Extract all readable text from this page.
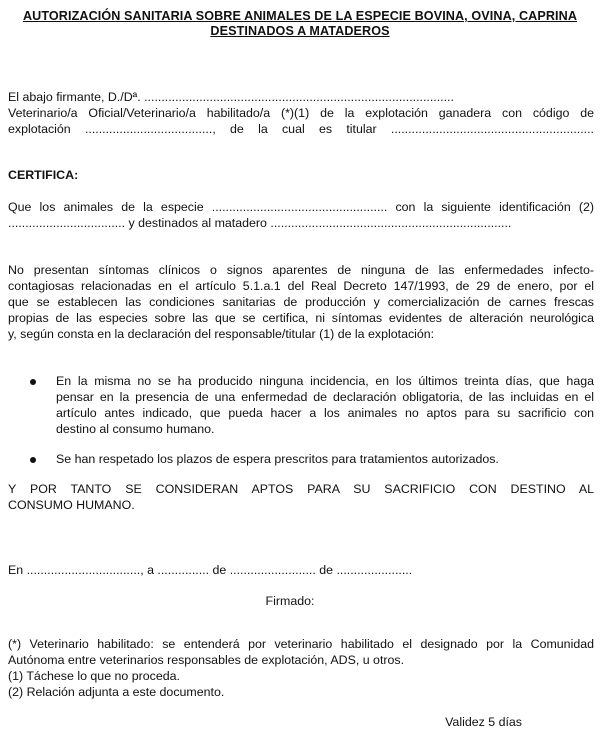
AUTORIZACIÓN SANITARIA SOBRE ANIMALES DE LA ESPECIE BOVINA, OVINA, CAPRINA
DESTINADOS A MATADEROS
El abajo firmante, D./Dª. ..........................................................................................
Veterinario/a Oficial/Veterinario/a habilitado/a (*)(1) de la explotación ganadera con código de
explotación ....................................., de la cual es titular ...........................................................
CERTIFICA:
Que los animales de la especie ................................................... con la siguiente identificación (2)
.................................. y destinados al matadero ......................................................................
No presentan síntomas clínicos o signos aparentes de ninguna de las enfermedades infecto-
contagiosas relacionadas en el artículo 5.1.a.1 del Real Decreto 147/1993, de 29 de enero, por el
que se establecen las condiciones sanitarias de producción y comercialización de carnes frescas
propias de las especies sobre las que se certifica, ni síntomas evidentes de alteración neurológica
y, según consta en la declaración del responsable/titular (1) de la explotación:
En la misma no se ha producido ninguna incidencia, en los últimos treinta días, que haga
pensar en la presencia de una enfermedad de declaración obligatoria, de las incluidas en el
artículo antes indicado, que pueda hacer a los animales no aptos para su sacrificio con
destino al consumo humano.
Se han respetado los plazos de espera prescritos para tratamientos autorizados.
Y POR TANTO SE CONSIDERAN APTOS PARA SU SACRIFICIO CON DESTINO AL
CONSUMO HUMANO.
En ................................., a ............... de ......................... de ......................
Firmado:
(*) Veterinario habilitado: se entenderá por veterinario habilitado el designado por la Comunidad
Autónoma entre veterinarios responsables de explotación, ADS, u otros.
(1) Táchese lo que no proceda.
(2) Relación adjunta a este documento.
Validez 5 días
